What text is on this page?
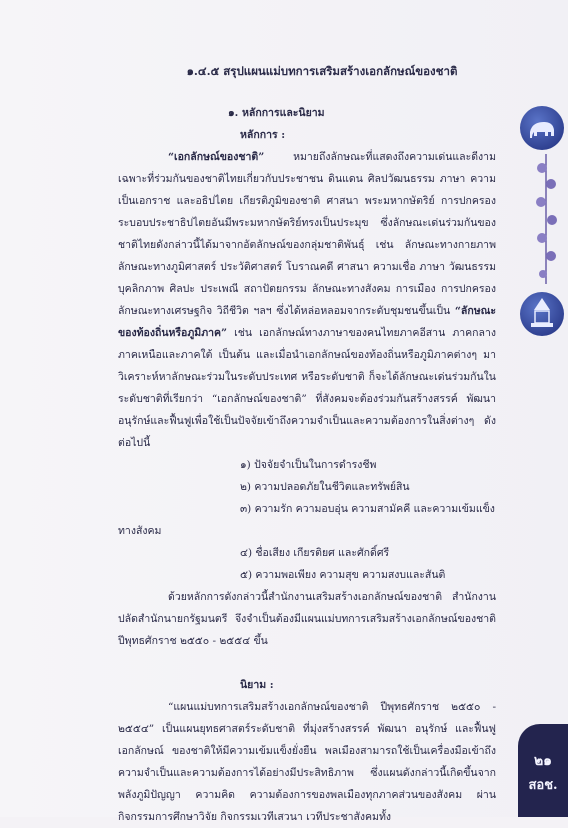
๑.๔.๕ สรุปแผนแม่บทการเสริมสร้างเอกลักษณ์ของชาติ
๑. หลักการและนิยาม
หลักการ :

“เอกลักษณ์ของชาติ” หมายถึงลักษณะที่แสดงถึงความเด่นและดีงามเฉพาะที่ร่วมกันของชาติไทยเกี่ยวกับประชาชน ดินแดน ศิลปวัฒนธรรม ภาษา ความเป็นเอกราช และอธิปไตย เกียรติภูมิของชาติ ศาสนา พระมหากษัตริย์ การปกครองระบอบประชาธิปไตยอันมีพระมหากษัตริย์ทรงเป็นประมุข ซึ่งลักษณะเด่นร่วมกันของชาติไทยดังกล่าวนี้ได้มาจากอัตลักษณ์ของกลุ่มชาติพันธุ์ เช่น ลักษณะทางกายภาพ ลักษณะทางภูมิศาสตร์ ประวัติศาสตร์ โบราณคดี ศาสนา ความเชื่อ ภาษา วัฒนธรรม บุคลิกภาพ ศิลปะ ประเพณี สถาปัตยกรรม ลักษณะทางสังคม การเมือง การปกครอง ลักษณะทางเศรษฐกิจ วิถีชีวิต ฯลฯ ซึ่งได้หล่อหลอมจากระดับชุมชนขึ้นเป็น “ลักษณะของท้องถิ่นหรือภูมิภาค” เช่น เอกลักษณ์ทางภาษาของคนไทยภาคอีสาน ภาคกลาง ภาคเหนือและภาคใต้ เป็นต้น และเมื่อนำเอกลักษณ์ของท้องถิ่นหรือภูมิภาคต่างๆ มาวิเคราะห์หาลักษณะร่วมในระดับประเทศ หรือระดับชาติ ก็จะได้ลักษณะเด่นร่วมกันในระดับชาติที่เรียกว่า “เอกลักษณ์ของชาติ” ที่สังคมจะต้องร่วมกันสร้างสรรค์ พัฒนา อนุรักษ์และฟื้นฟูเพื่อใช้เป็นปัจจัยเข้าถึงความจำเป็นและความต้องการในสิ่งต่างๆ ดังต่อไปนี้

๑) ปัจจัยจำเป็นในการดำรงชีพ
๒) ความปลอดภัยในชีวิตและทรัพย์สิน
๓) ความรัก ความอบอุ่น ความสามัคคี และความเข้มแข็ง
ทางสังคม
๔) ชื่อเสียง เกียรติยศ และศักดิ์ศรี
๕) ความพอเพียง ความสุข ความสงบและสันติ

ด้วยหลักการดังกล่าวนี้สำนักงานเสริมสร้างเอกลักษณ์ของชาติ สำนักงานปลัดสำนักนายกรัฐมนตรี จึงจำเป็นต้องมีแผนแม่บทการเสริมสร้างเอกลักษณ์ของชาติ ปีพุทธศักราช ๒๕๕๐ - ๒๕๕๔ ขึ้น

นิยาม :

“แผนแม่บทการเสริมสร้างเอกลักษณ์ของชาติ ปีพุทธศักราช ๒๕๕๐ - ๒๕๕๔” เป็นแผนยุทธศาสตร์ระดับชาติ ที่มุ่งสร้างสรรค์ พัฒนา อนุรักษ์ และฟื้นฟูเอกลักษณ์ ของชาติให้มีความเข้มแข็งยั่งยืน พลเมืองสามารถใช้เป็นเครื่องมือเข้าถึงความจำเป็นและความต้องการได้อย่างมีประสิทธิภาพ ซึ่งแผนดังกล่าวนี้เกิดขึ้นจากพลังภูมิปัญญา ความคิด ความต้องการของพลเมืองทุกภาคส่วนของสังคม ผ่านกิจกรรมการศึกษาวิจัย กิจกรรมเวทีเสวนา เวทีประชาสังคมทั้ง

๒๑
สอช.
